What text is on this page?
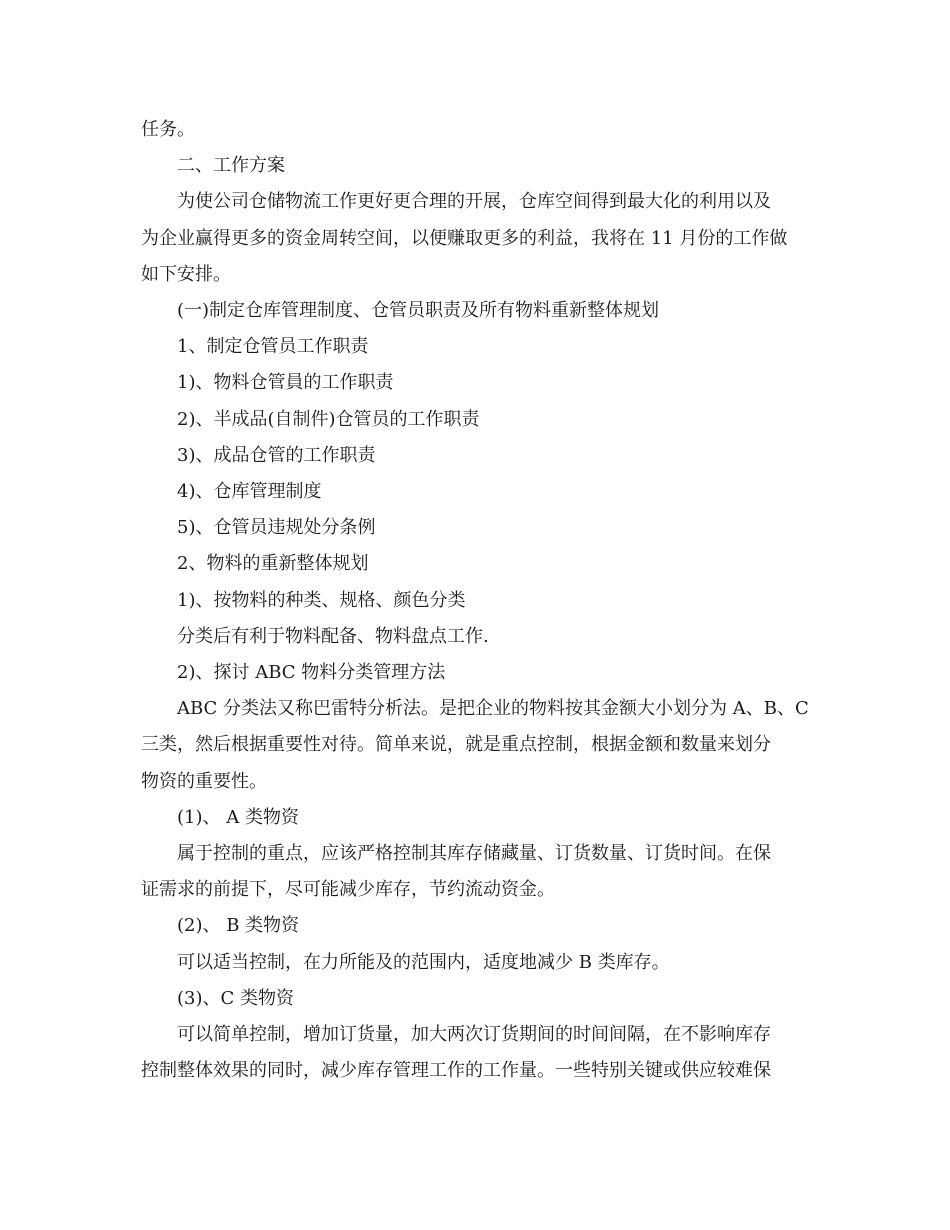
任务。

二、工作方案

为使公司仓储物流工作更好更合理的开展，仓库空间得到最大化的利用以及
为企业赢得更多的资金周转空间，以便赚取更多的利益，我将在 11 月份的工作做
如下安排。

(一)制定仓库管理制度、仓管员职责及所有物料重新整体规划

1、制定仓管员工作职责

1)、物料仓管員的工作职责

2)、半成品(自制件)仓管员的工作职责

3)、成品仓管的工作职责

4)、仓库管理制度

5)、仓管员违规处分条例

2、物料的重新整体规划

1)、按物料的种类、规格、颜色分类

分类后有利于物料配备、物料盘点工作.

2)、探讨 ABC 物料分类管理方法

ABC 分类法又称巴雷特分析法。是把企业的物料按其金额大小划分为 A、B、C
三类，然后根据重要性对待。简单来说，就是重点控制，根据金额和数量来划分
物资的重要性。

(1)、 A 类物资

属于控制的重点，应该严格控制其库存储藏量、订货数量、订货时间。在保
证需求的前提下，尽可能减少库存，节约流动资金。

(2)、 B 类物资

可以适当控制，在力所能及的范围内，适度地减少 B 类库存。

(3)、C 类物资

可以简单控制，增加订货量，加大两次订货期间的时间间隔，在不影响库存
控制整体效果的同时，减少库存管理工作的工作量。一些特别关键或供应较难保
